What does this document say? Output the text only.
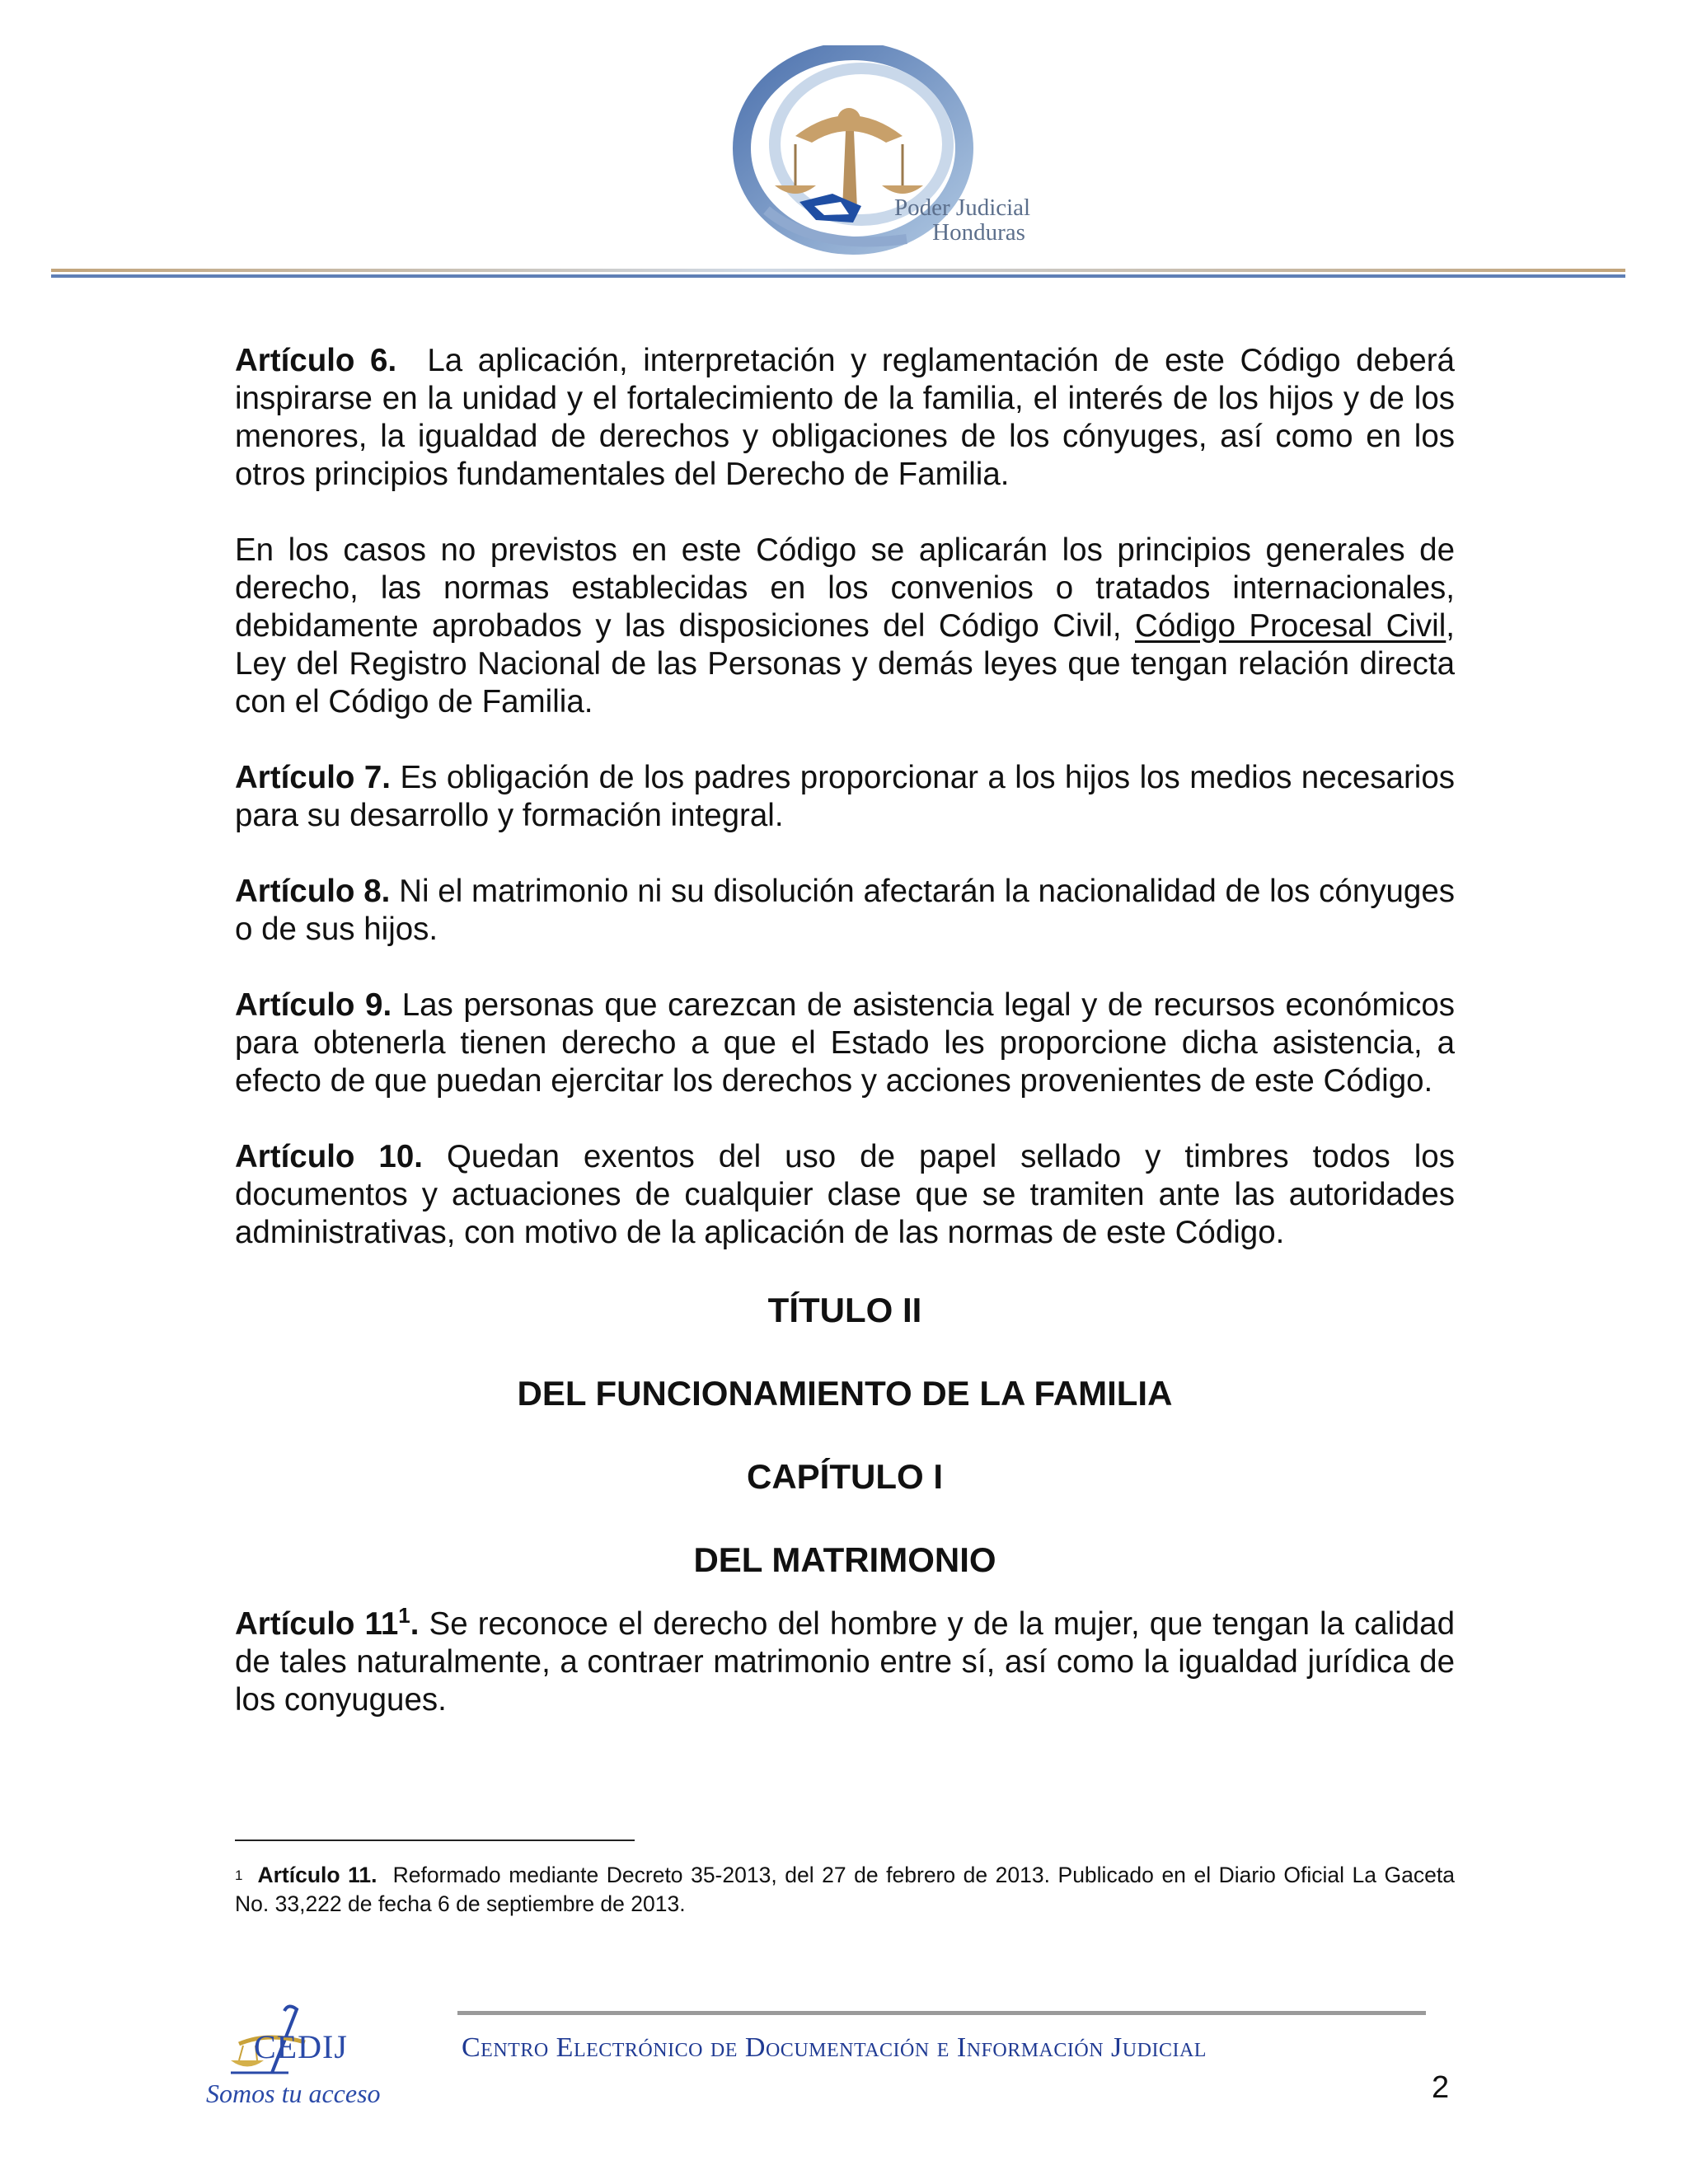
Poder Judicial
Honduras

Artículo 6. La aplicación, interpretación y reglamentación de este Código deberá inspirarse en la unidad y el fortalecimiento de la familia, el interés de los hijos y de los menores, la igualdad de derechos y obligaciones de los cónyuges, así como en los otros principios fundamentales del Derecho de Familia.

En los casos no previstos en este Código se aplicarán los principios generales de derecho, las normas establecidas en los convenios o tratados internacionales, debidamente aprobados y las disposiciones del Código Civil, Código Procesal Civil, Ley del Registro Nacional de las Personas y demás leyes que tengan relación directa con el Código de Familia.

Artículo 7. Es obligación de los padres proporcionar a los hijos los medios necesarios para su desarrollo y formación integral.

Artículo 8. Ni el matrimonio ni su disolución afectarán la nacionalidad de los cónyuges o de sus hijos.

Artículo 9. Las personas que carezcan de asistencia legal y de recursos económicos para obtenerla tienen derecho a que el Estado les proporcione dicha asistencia, a efecto de que puedan ejercitar los derechos y acciones provenientes de este Código.

Artículo 10. Quedan exentos del uso de papel sellado y timbres todos los documentos y actuaciones de cualquier clase que se tramiten ante las autoridades administrativas, con motivo de la aplicación de las normas de este Código.

TÍTULO II
DEL FUNCIONAMIENTO DE LA FAMILIA
CAPÍTULO I
DEL MATRIMONIO

Artículo $11^1$. Se reconoce el derecho del hombre y de la mujer, que tengan la calidad de tales naturalmente, a contraer matrimonio entre sí, así como la igualdad jurídica de los conyugues.

$^1$ Artículo 11. Reformado mediante Decreto 35-2013, del 27 de febrero de 2013. Publicado en el Diario Oficial La Gaceta No. 33,222 de fecha 6 de septiembre de 2013.
CEDIJ
Somos tu acceso
Centro Electrónico de Documentación e Información Judicial
2
